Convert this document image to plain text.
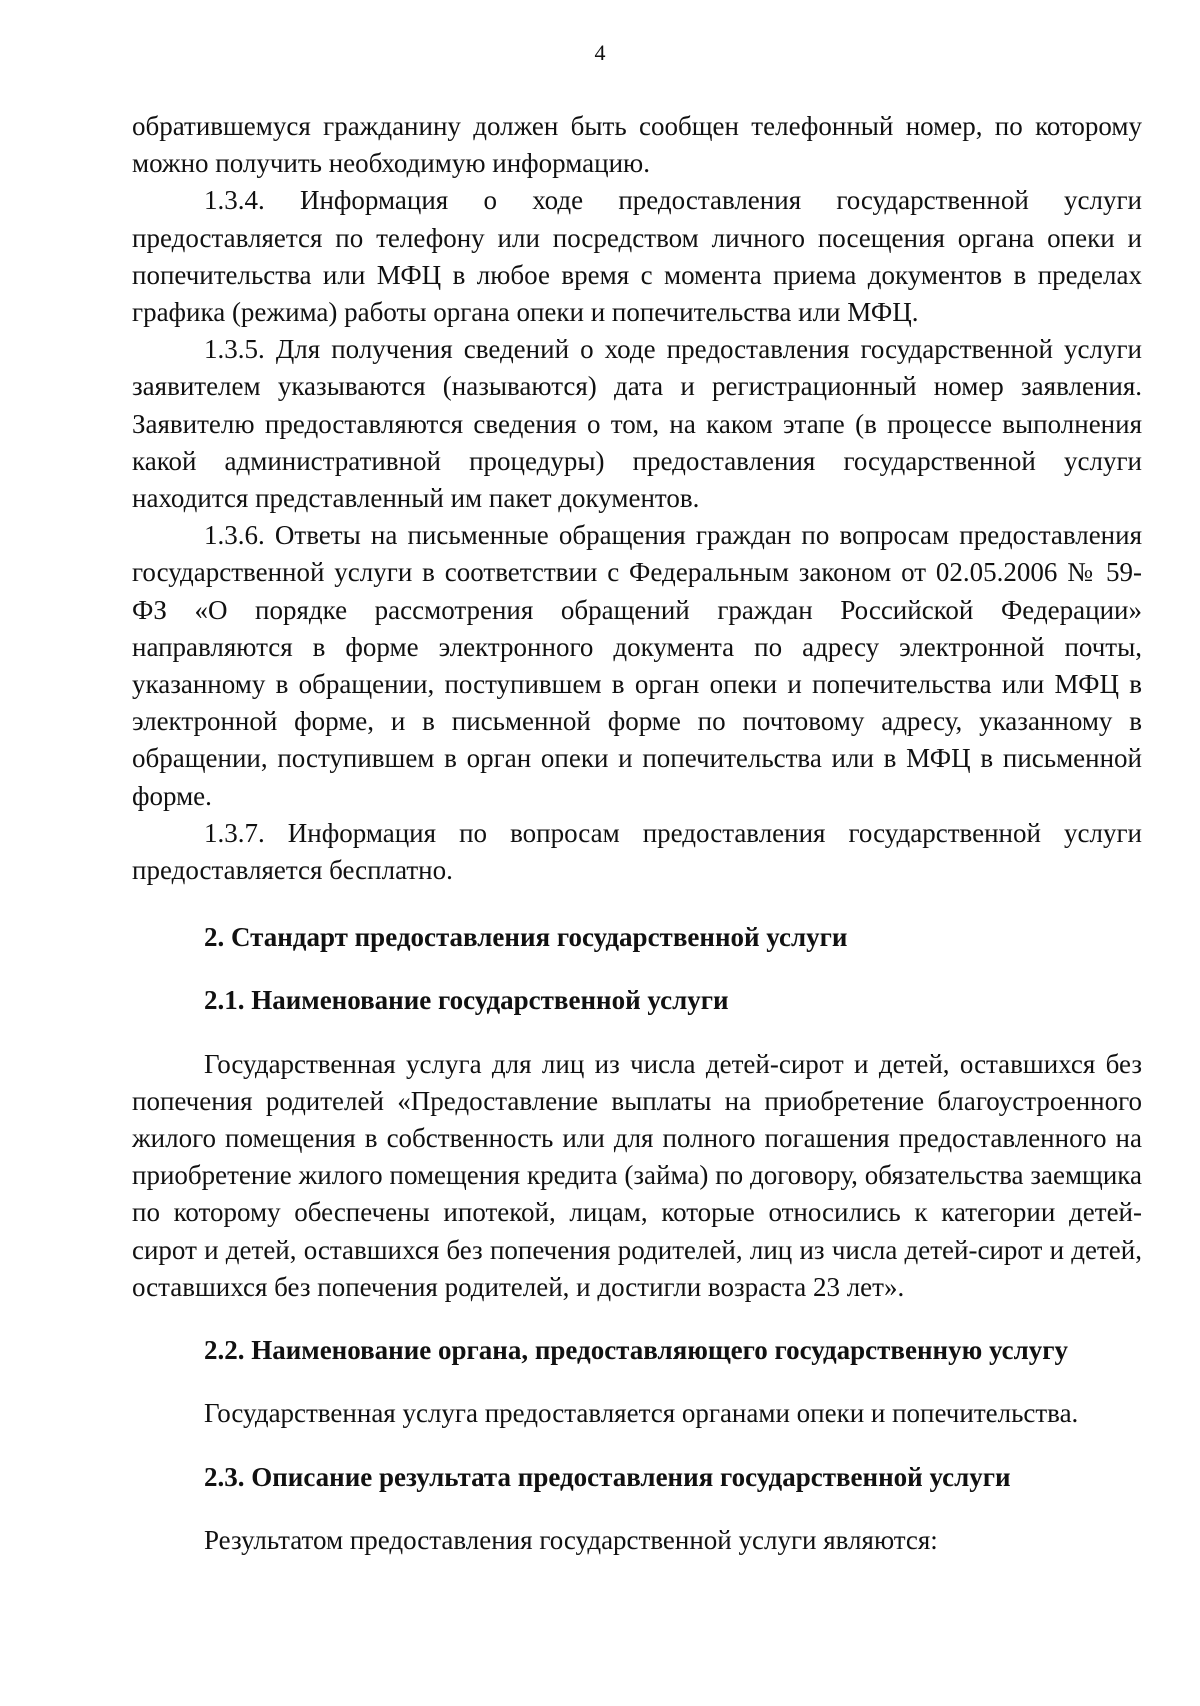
4

обратившемуся гражданину должен быть сообщен телефонный номер, по которому можно получить необходимую информацию.

1.3.4. Информация о ходе предоставления государственной услуги предоставляется по телефону или посредством личного посещения органа опеки и попечительства или МФЦ в любое время с момента приема документов в пределах графика (режима) работы органа опеки и попечительства или МФЦ.

1.3.5. Для получения сведений о ходе предоставления государственной услуги заявителем указываются (называются) дата и регистрационный номер заявления. Заявителю предоставляются сведения о том, на каком этапе (в процессе выполнения какой административной процедуры) предоставления государственной услуги находится представленный им пакет документов.

1.3.6. Ответы на письменные обращения граждан по вопросам предоставления государственной услуги в соответствии с Федеральным законом от 02.05.2006 № 59-ФЗ «О порядке рассмотрения обращений граждан Российской Федерации» направляются в форме электронного документа по адресу электронной почты, указанному в обращении, поступившем в орган опеки и попечительства или МФЦ в электронной форме, и в письменной форме по почтовому адресу, указанному в обращении, поступившем в орган опеки и попечительства или в МФЦ в письменной форме.

1.3.7. Информация по вопросам предоставления государственной услуги предоставляется бесплатно.

2. Стандарт предоставления государственной услуги
2.1. Наименование государственной услуги

Государственная услуга для лиц из числа детей-сирот и детей, оставшихся без попечения родителей «Предоставление выплаты на приобретение благоустроенного жилого помещения в собственность или для полного погашения предоставленного на приобретение жилого помещения кредита (займа) по договору, обязательства заемщика по которому обеспечены ипотекой, лицам, которые относились к категории детей-сирот и детей, оставшихся без попечения родителей, лиц из числа детей-сирот и детей, оставшихся без попечения родителей, и достигли возраста 23 лет».

2.2. Наименование органа, предоставляющего государственную услугу

Государственная услуга предоставляется органами опеки и попечительства.

2.3. Описание результата предоставления государственной услуги

Результатом предоставления государственной услуги являются:
